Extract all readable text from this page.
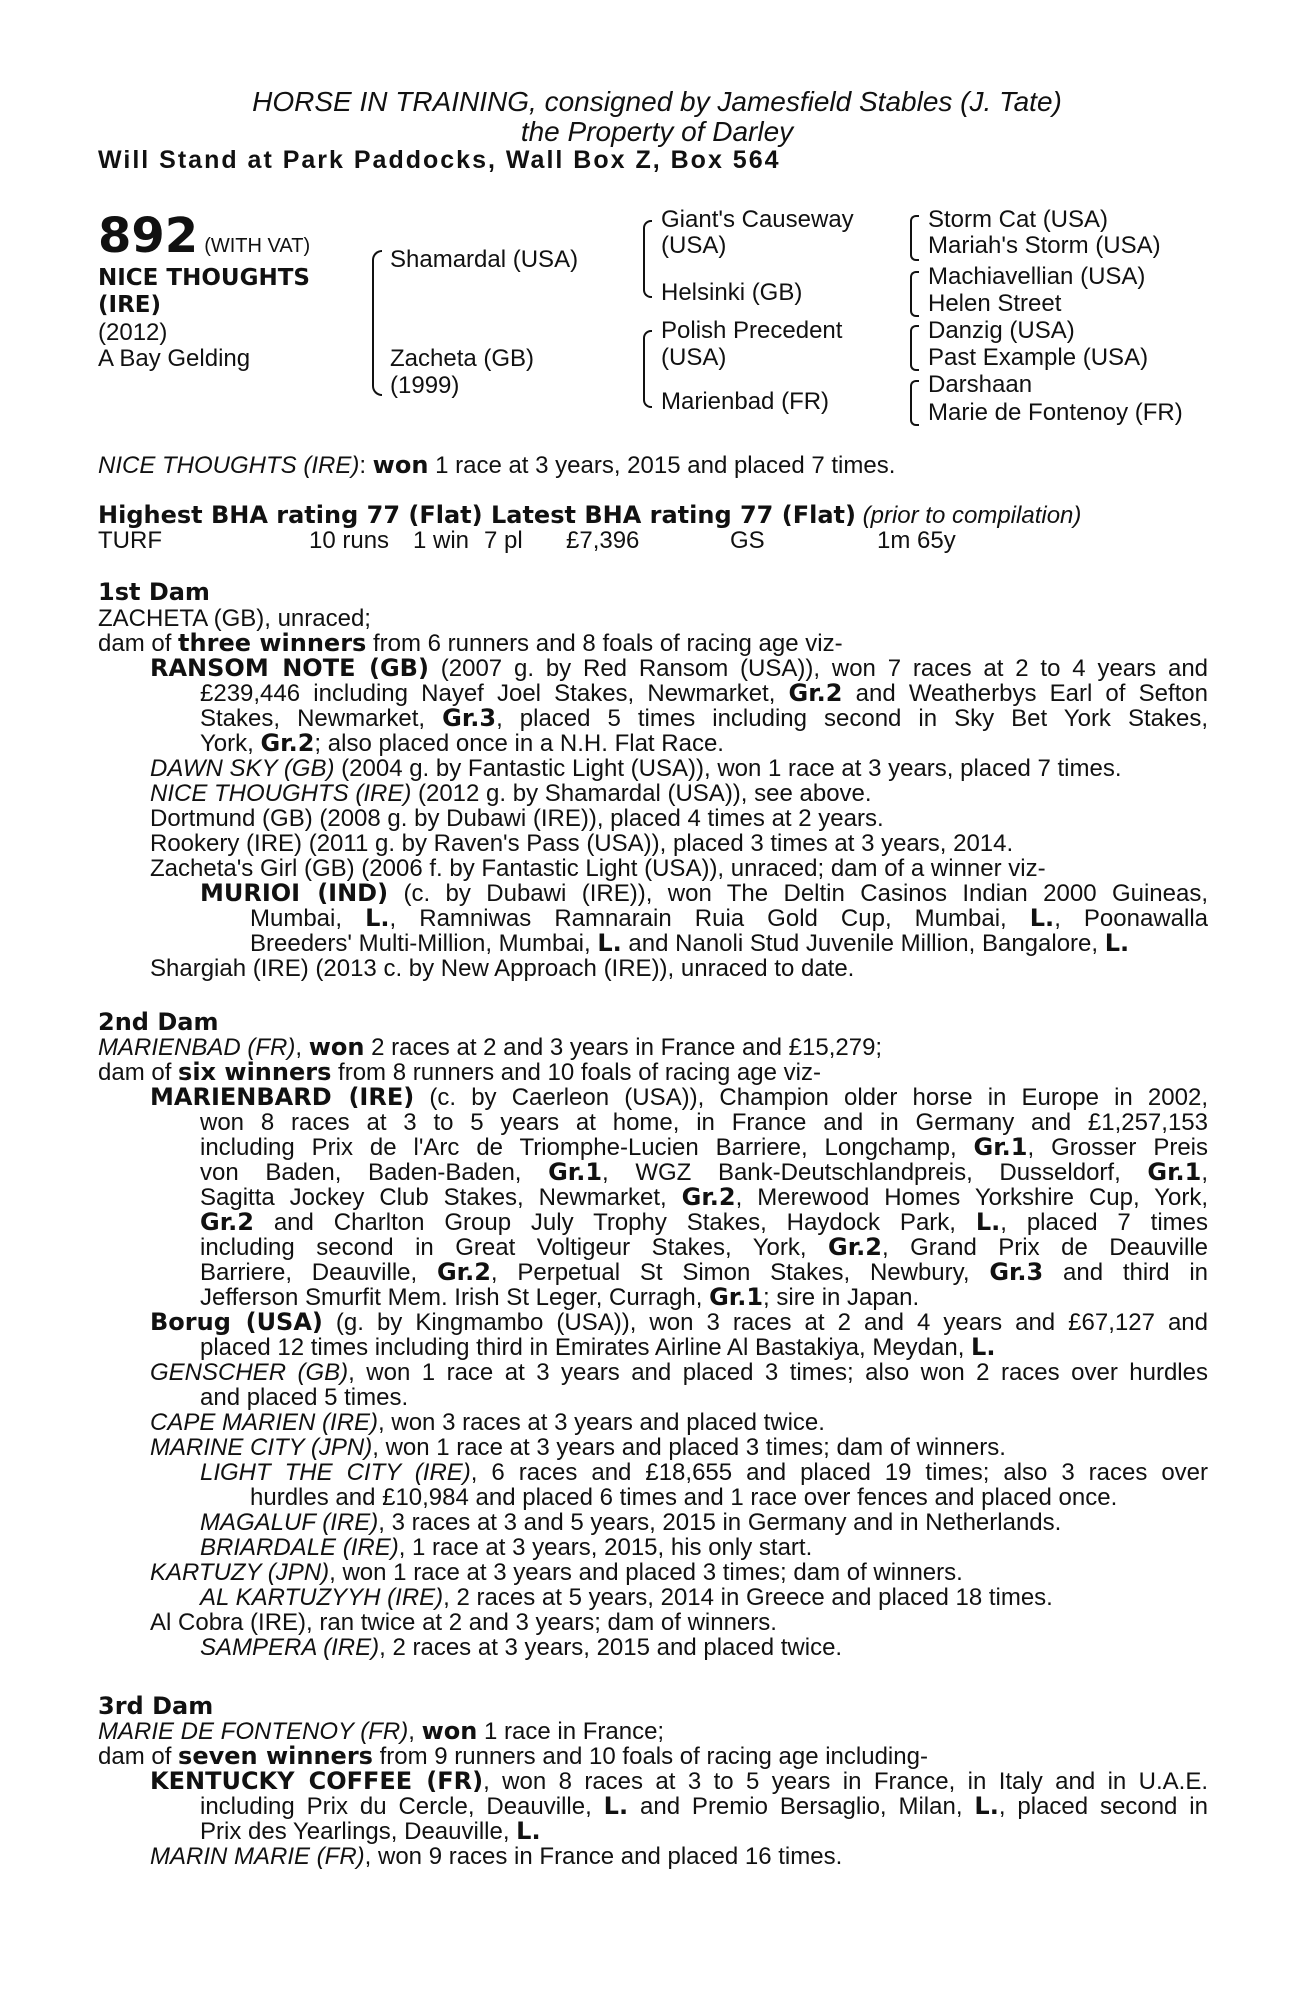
HORSE IN TRAINING, consigned by Jamesfield Stables (J. Tate)
the Property of Darley
Will Stand at Park Paddocks, Wall Box Z, Box 564
892 (WITH VAT)
NICE THOUGHTS
(IRE)
(2012)
A Bay Gelding
Shamardal (USA)
Zacheta (GB)
(1999)
Giant's Causeway
(USA)
Helsinki (GB)
Polish Precedent
(USA)
Marienbad (FR)
Storm Cat (USA)
Mariah's Storm (USA)
Machiavellian (USA)
Helen Street
Danzig (USA)
Past Example (USA)
Darshaan
Marie de Fontenoy (FR)
NICE THOUGHTS (IRE): won 1 race at 3 years, 2015 and placed 7 times.
Highest BHA rating 77 (Flat) Latest BHA rating 77 (Flat) (prior to compilation)
TURF	10 runs 1 win 7 pl £7,396	GS	1m 65y
1st Dam
ZACHETA (GB), unraced;
dam of three winners from 6 runners and 8 foals of racing age viz-
RANSOM NOTE (GB) (2007 g. by Red Ransom (USA)), won 7 races at 2 to 4 years and
£239,446 including Nayef Joel Stakes, Newmarket, Gr.2 and Weatherbys Earl of Sefton
Stakes, Newmarket, Gr.3, placed 5 times including second in Sky Bet York Stakes,
York, Gr.2; also placed once in a N.H. Flat Race.
DAWN SKY (GB) (2004 g. by Fantastic Light (USA)), won 1 race at 3 years, placed 7 times.
NICE THOUGHTS (IRE) (2012 g. by Shamardal (USA)), see above.
Dortmund (GB) (2008 g. by Dubawi (IRE)), placed 4 times at 2 years.
Rookery (IRE) (2011 g. by Raven's Pass (USA)), placed 3 times at 3 years, 2014.
Zacheta's Girl (GB) (2006 f. by Fantastic Light (USA)), unraced; dam of a winner viz-
MURIOI (IND) (c. by Dubawi (IRE)), won The Deltin Casinos Indian 2000 Guineas,
Mumbai, L., Ramniwas Ramnarain Ruia Gold Cup, Mumbai, L., Poonawalla
Breeders' Multi-Million, Mumbai, L. and Nanoli Stud Juvenile Million, Bangalore, L.
Shargiah (IRE) (2013 c. by New Approach (IRE)), unraced to date.
2nd Dam
MARIENBAD (FR), won 2 races at 2 and 3 years in France and £15,279;
dam of six winners from 8 runners and 10 foals of racing age viz-
MARIENBARD (IRE) (c. by Caerleon (USA)), Champion older horse in Europe in 2002,
won 8 races at 3 to 5 years at home, in France and in Germany and £1,257,153
including Prix de l'Arc de Triomphe-Lucien Barriere, Longchamp, Gr.1, Grosser Preis
von Baden, Baden-Baden, Gr.1, WGZ Bank-Deutschlandpreis, Dusseldorf, Gr.1,
Sagitta Jockey Club Stakes, Newmarket, Gr.2, Merewood Homes Yorkshire Cup, York,
Gr.2 and Charlton Group July Trophy Stakes, Haydock Park, L., placed 7 times
including second in Great Voltigeur Stakes, York, Gr.2, Grand Prix de Deauville
Barriere, Deauville, Gr.2, Perpetual St Simon Stakes, Newbury, Gr.3 and third in
Jefferson Smurfit Mem. Irish St Leger, Curragh, Gr.1; sire in Japan.
Borug (USA) (g. by Kingmambo (USA)), won 3 races at 2 and 4 years and £67,127 and
placed 12 times including third in Emirates Airline Al Bastakiya, Meydan, L.
GENSCHER (GB), won 1 race at 3 years and placed 3 times; also won 2 races over hurdles
and placed 5 times.
CAPE MARIEN (IRE), won 3 races at 3 years and placed twice.
MARINE CITY (JPN), won 1 race at 3 years and placed 3 times; dam of winners.
LIGHT THE CITY (IRE), 6 races and £18,655 and placed 19 times; also 3 races over
hurdles and £10,984 and placed 6 times and 1 race over fences and placed once.
MAGALUF (IRE), 3 races at 3 and 5 years, 2015 in Germany and in Netherlands.
BRIARDALE (IRE), 1 race at 3 years, 2015, his only start.
KARTUZY (JPN), won 1 race at 3 years and placed 3 times; dam of winners.
AL KARTUZYYH (IRE), 2 races at 5 years, 2014 in Greece and placed 18 times.
Al Cobra (IRE), ran twice at 2 and 3 years; dam of winners.
SAMPERA (IRE), 2 races at 3 years, 2015 and placed twice.
3rd Dam
MARIE DE FONTENOY (FR), won 1 race in France;
dam of seven winners from 9 runners and 10 foals of racing age including-
KENTUCKY COFFEE (FR), won 8 races at 3 to 5 years in France, in Italy and in U.A.E.
including Prix du Cercle, Deauville, L. and Premio Bersaglio, Milan, L., placed second in
Prix des Yearlings, Deauville, L.
MARIN MARIE (FR), won 9 races in France and placed 16 times.
